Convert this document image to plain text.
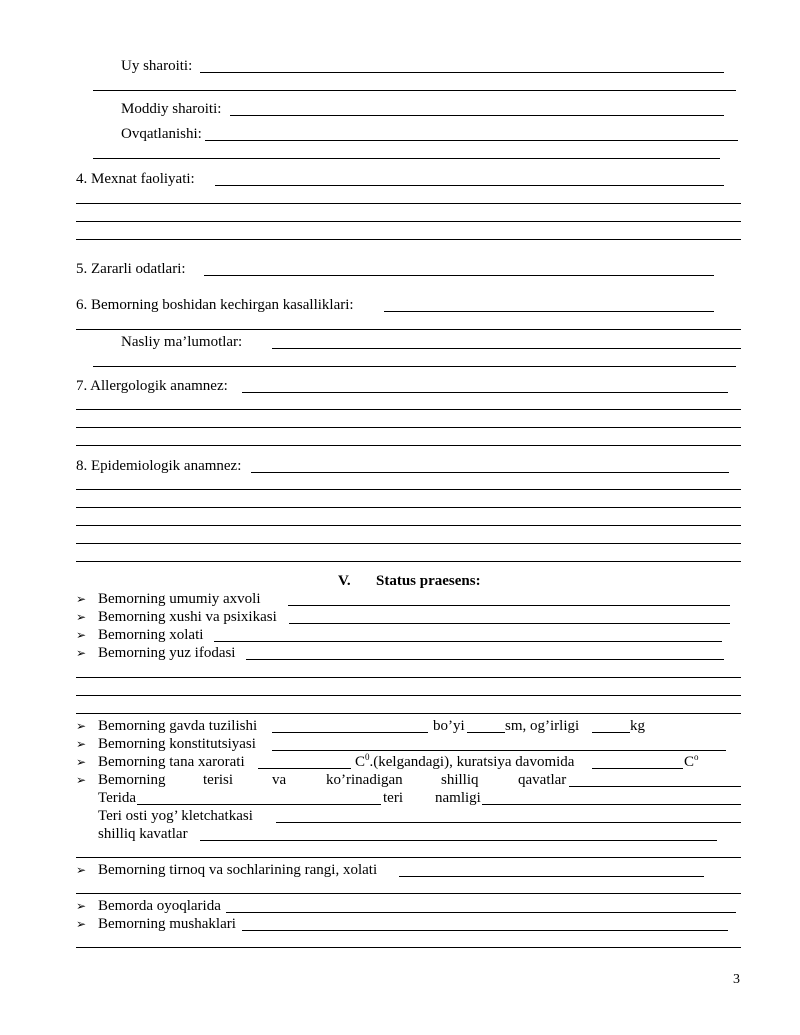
Uy sharoiti:
Moddiy sharoiti:
Ovqatlanishi:
4. Mexnat faoliyati:
5. Zararli odatlari:
6. Bemorning boshidan kechirgan kasalliklari:
Nasliy ma’lumotlar:
7. Allergologik anamnez:
8. Epidemiologik anamnez:
V. Status praesens:
➢ Bemorning umumiy axvoli
➢ Bemorning xushi va psixikasi
➢ Bemorning xolati
➢ Bemorning yuz ifodasi
➢ Bemorning gavda tuzilishi	bo’yi	sm, og’irligi	kg
➢ Bemorning konstitutsiyasi
➢ Bemorning tana xarorati	$C^0.(kelgandagi)$, kuratsiya davomida	$C^o$
➢ Bemorning	terisi	va	ko’rinadigan	shilliq	qavatlar
Terida	teri namligi
Teri osti yog’ kletchatkasi
shilliq kavatlar
➢ Bemorning tirnoq va sochlarining rangi, xolati
➢ Bemorda oyoqlarida
➢ Bemorning mushaklari
3
